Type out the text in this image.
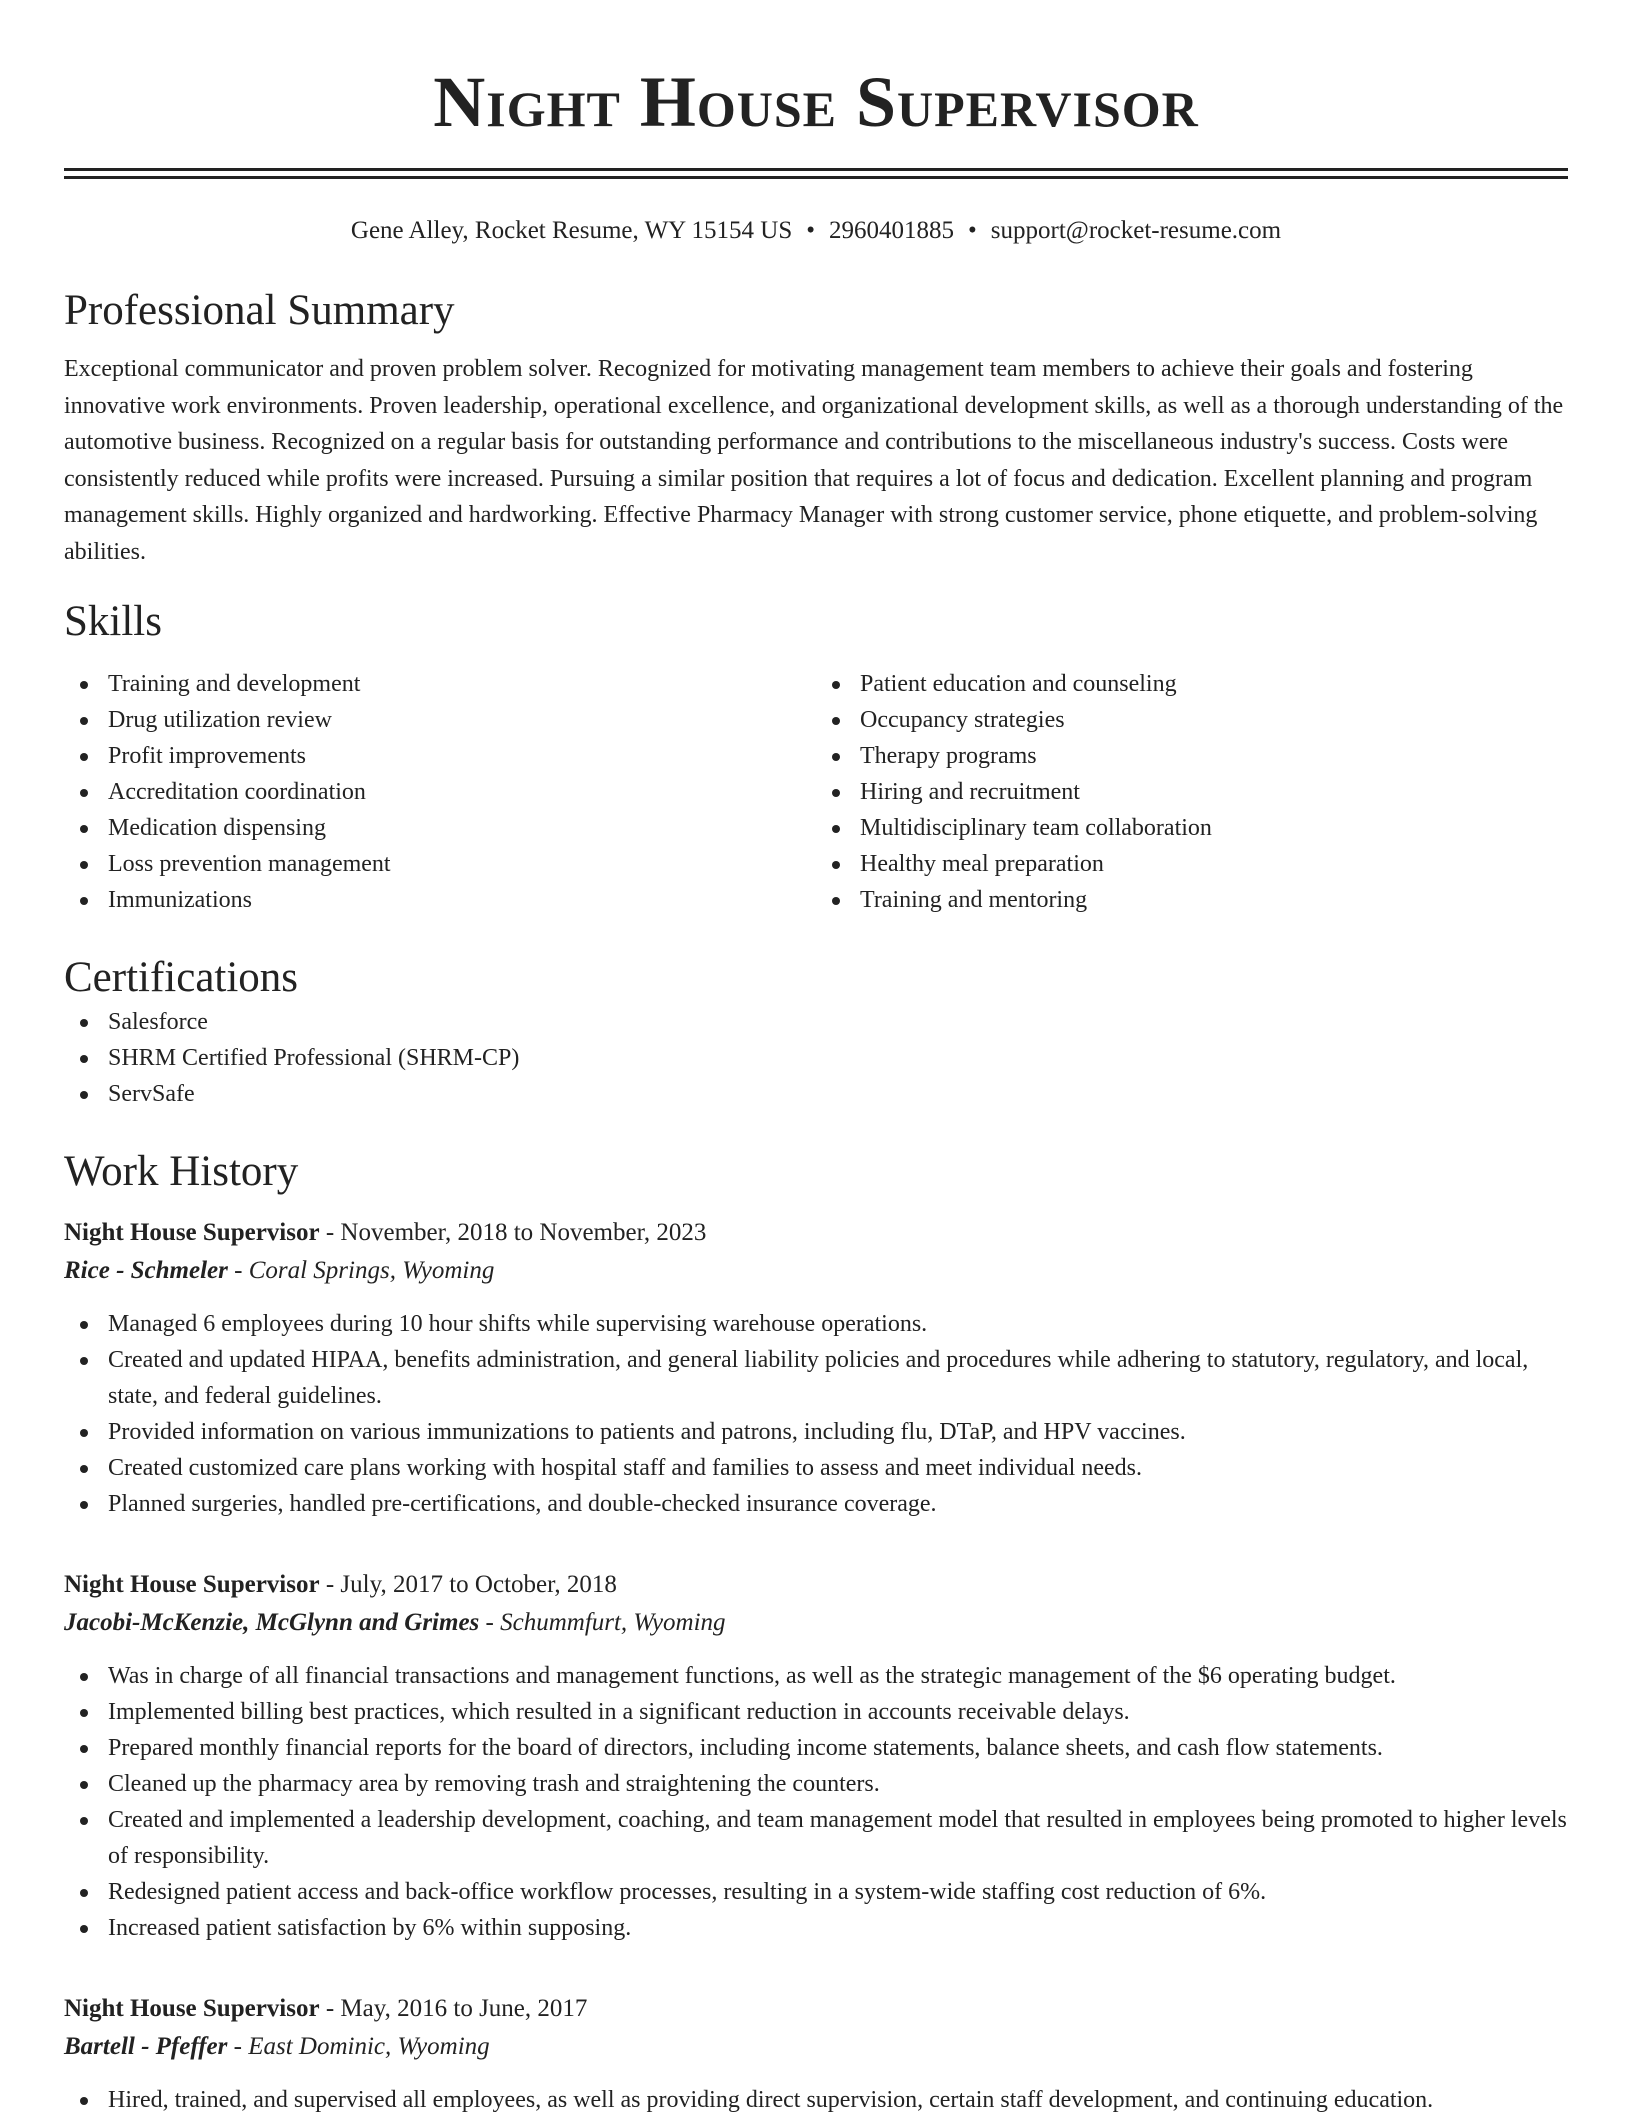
Night House Supervisor
Gene Alley, Rocket Resume, WY 15154 US • 2960401885 • support@rocket-resume.com
Professional Summary

Exceptional communicator and proven problem solver. Recognized for motivating management team members to achieve their goals and fostering innovative work environments. Proven leadership, operational excellence, and organizational development skills, as well as a thorough understanding of the automotive business. Recognized on a regular basis for outstanding performance and contributions to the miscellaneous industry's success. Costs were consistently reduced while profits were increased. Pursuing a similar position that requires a lot of focus and dedication. Excellent planning and program management skills. Highly organized and hardworking. Effective Pharmacy Manager with strong customer service, phone etiquette, and problem-solving abilities.

Skills
Training and development
Drug utilization review
Profit improvements
Accreditation coordination
Medication dispensing
Loss prevention management
Immunizations
Patient education and counseling
Occupancy strategies
Therapy programs
Hiring and recruitment
Multidisciplinary team collaboration
Healthy meal preparation
Training and mentoring
Certifications
Salesforce
SHRM Certified Professional (SHRM-CP)
ServSafe
Work History
Night House Supervisor - November, 2018 to November, 2023
Rice - Schmeler - Coral Springs, Wyoming
Managed 6 employees during 10 hour shifts while supervising warehouse operations.
Created and updated HIPAA, benefits administration, and general liability policies and procedures while adhering to statutory, regulatory, and local, state, and federal guidelines.
Provided information on various immunizations to patients and patrons, including flu, DTaP, and HPV vaccines.
Created customized care plans working with hospital staff and families to assess and meet individual needs.
Planned surgeries, handled pre-certifications, and double-checked insurance coverage.
Night House Supervisor - July, 2017 to October, 2018
Jacobi-McKenzie, McGlynn and Grimes - Schummfurt, Wyoming
Was in charge of all financial transactions and management functions, as well as the strategic management of the $6 operating budget.
Implemented billing best practices, which resulted in a significant reduction in accounts receivable delays.
Prepared monthly financial reports for the board of directors, including income statements, balance sheets, and cash flow statements.
Cleaned up the pharmacy area by removing trash and straightening the counters.
Created and implemented a leadership development, coaching, and team management model that resulted in employees being promoted to higher levels of responsibility.
Redesigned patient access and back-office workflow processes, resulting in a system-wide staffing cost reduction of 6%.
Increased patient satisfaction by 6% within supposing.
Night House Supervisor - May, 2016 to June, 2017
Bartell - Pfeffer - East Dominic, Wyoming
Hired, trained, and supervised all employees, as well as providing direct supervision, certain staff development, and continuing education.
